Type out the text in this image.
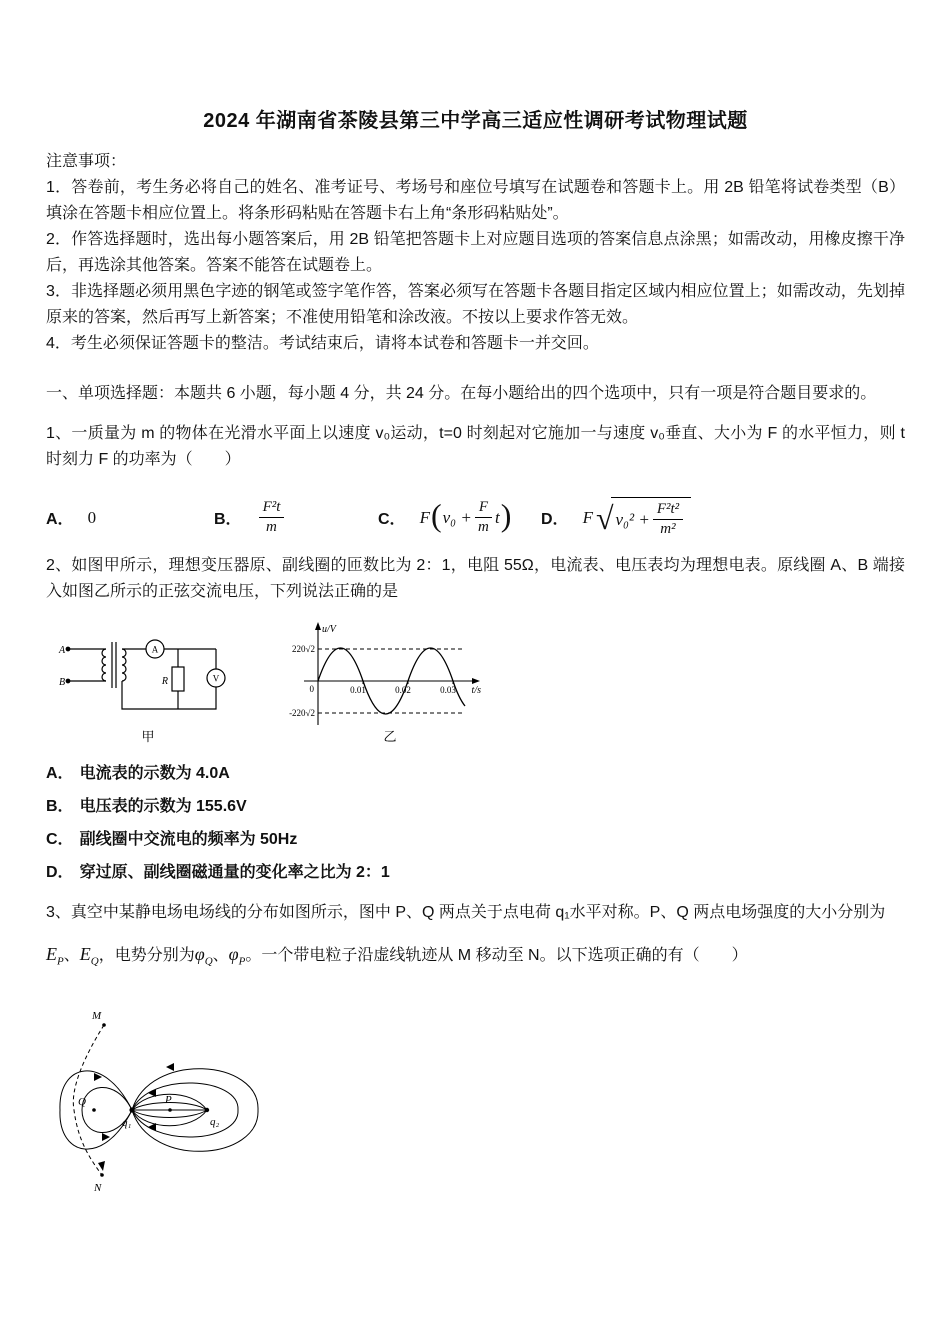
2024 年湖南省茶陵县第三中学高三适应性调研考试物理试题

注意事项：

1．答卷前，考生务必将自己的姓名、准考证号、考场号和座位号填写在试题卷和答题卡上。用 2B 铅笔将试卷类型（B）填涂在答题卡相应位置上。将条形码粘贴在答题卡右上角“条形码粘贴处”。

2．作答选择题时，选出每小题答案后，用 2B 铅笔把答题卡上对应题目选项的答案信息点涂黑；如需改动，用橡皮擦干净后，再选涂其他答案。答案不能答在试题卷上。

3．非选择题必须用黑色字迹的钢笔或签字笔作答，答案必须写在答题卡各题目指定区域内相应位置上；如需改动，先划掉原来的答案，然后再写上新答案；不准使用铅笔和涂改液。不按以上要求作答无效。

4．考生必须保证答题卡的整洁。考试结束后，请将本试卷和答题卡一并交回。

一、单项选择题：本题共 6 小题，每小题 4 分，共 24 分。在每小题给出的四个选项中，只有一项是符合题目要求的。

1、一质量为 m 的物体在光滑水平面上以速度 v₀运动，t=0 时刻起对它施加一与速度 v₀垂直、大小为 F 的水平恒力，则 t 时刻力 F 的功率为（　　）

A． 0	B． $\frac{\text{F²t}}{m}$	C． F ( v₀
+ $\frac{F}{m}$ t ) D． F √ v₀²
+ $\frac{\text{F²t²}}{\text{m²}}$

2、如图甲所示，理想变压器原、副线圈的匝数比为 2：1，电阻 55Ω，电流表、电压表均为理想电表。原线圈 A、B 端接入如图乙所示的正弦交流电压，下列说法正确的是

A
B
A
V
R
甲
u/V
t/s
220√2
0
-220√2
0.01	0.02	0.03
乙

A． 电流表的示数为 4.0A

B． 电压表的示数为 155.6V

C． 副线圈中交流电的频率为 50Hz

D． 穿过原、副线圈磁通量的变化率之比为 2：1

3、真空中某静电场电场线的分布如图所示，图中 P、Q 两点关于点电荷 q₁水平对称。P、Q 两点电场强度的大小分别为

$E_P$、$E_Q$，电势分别为$\varphi_Q$、$\varphi_P$。一个带电粒子沿虚线轨迹从 M 移动至 N。以下选项正确的有（　　）

M
Q
q₁
P
q₂
N
